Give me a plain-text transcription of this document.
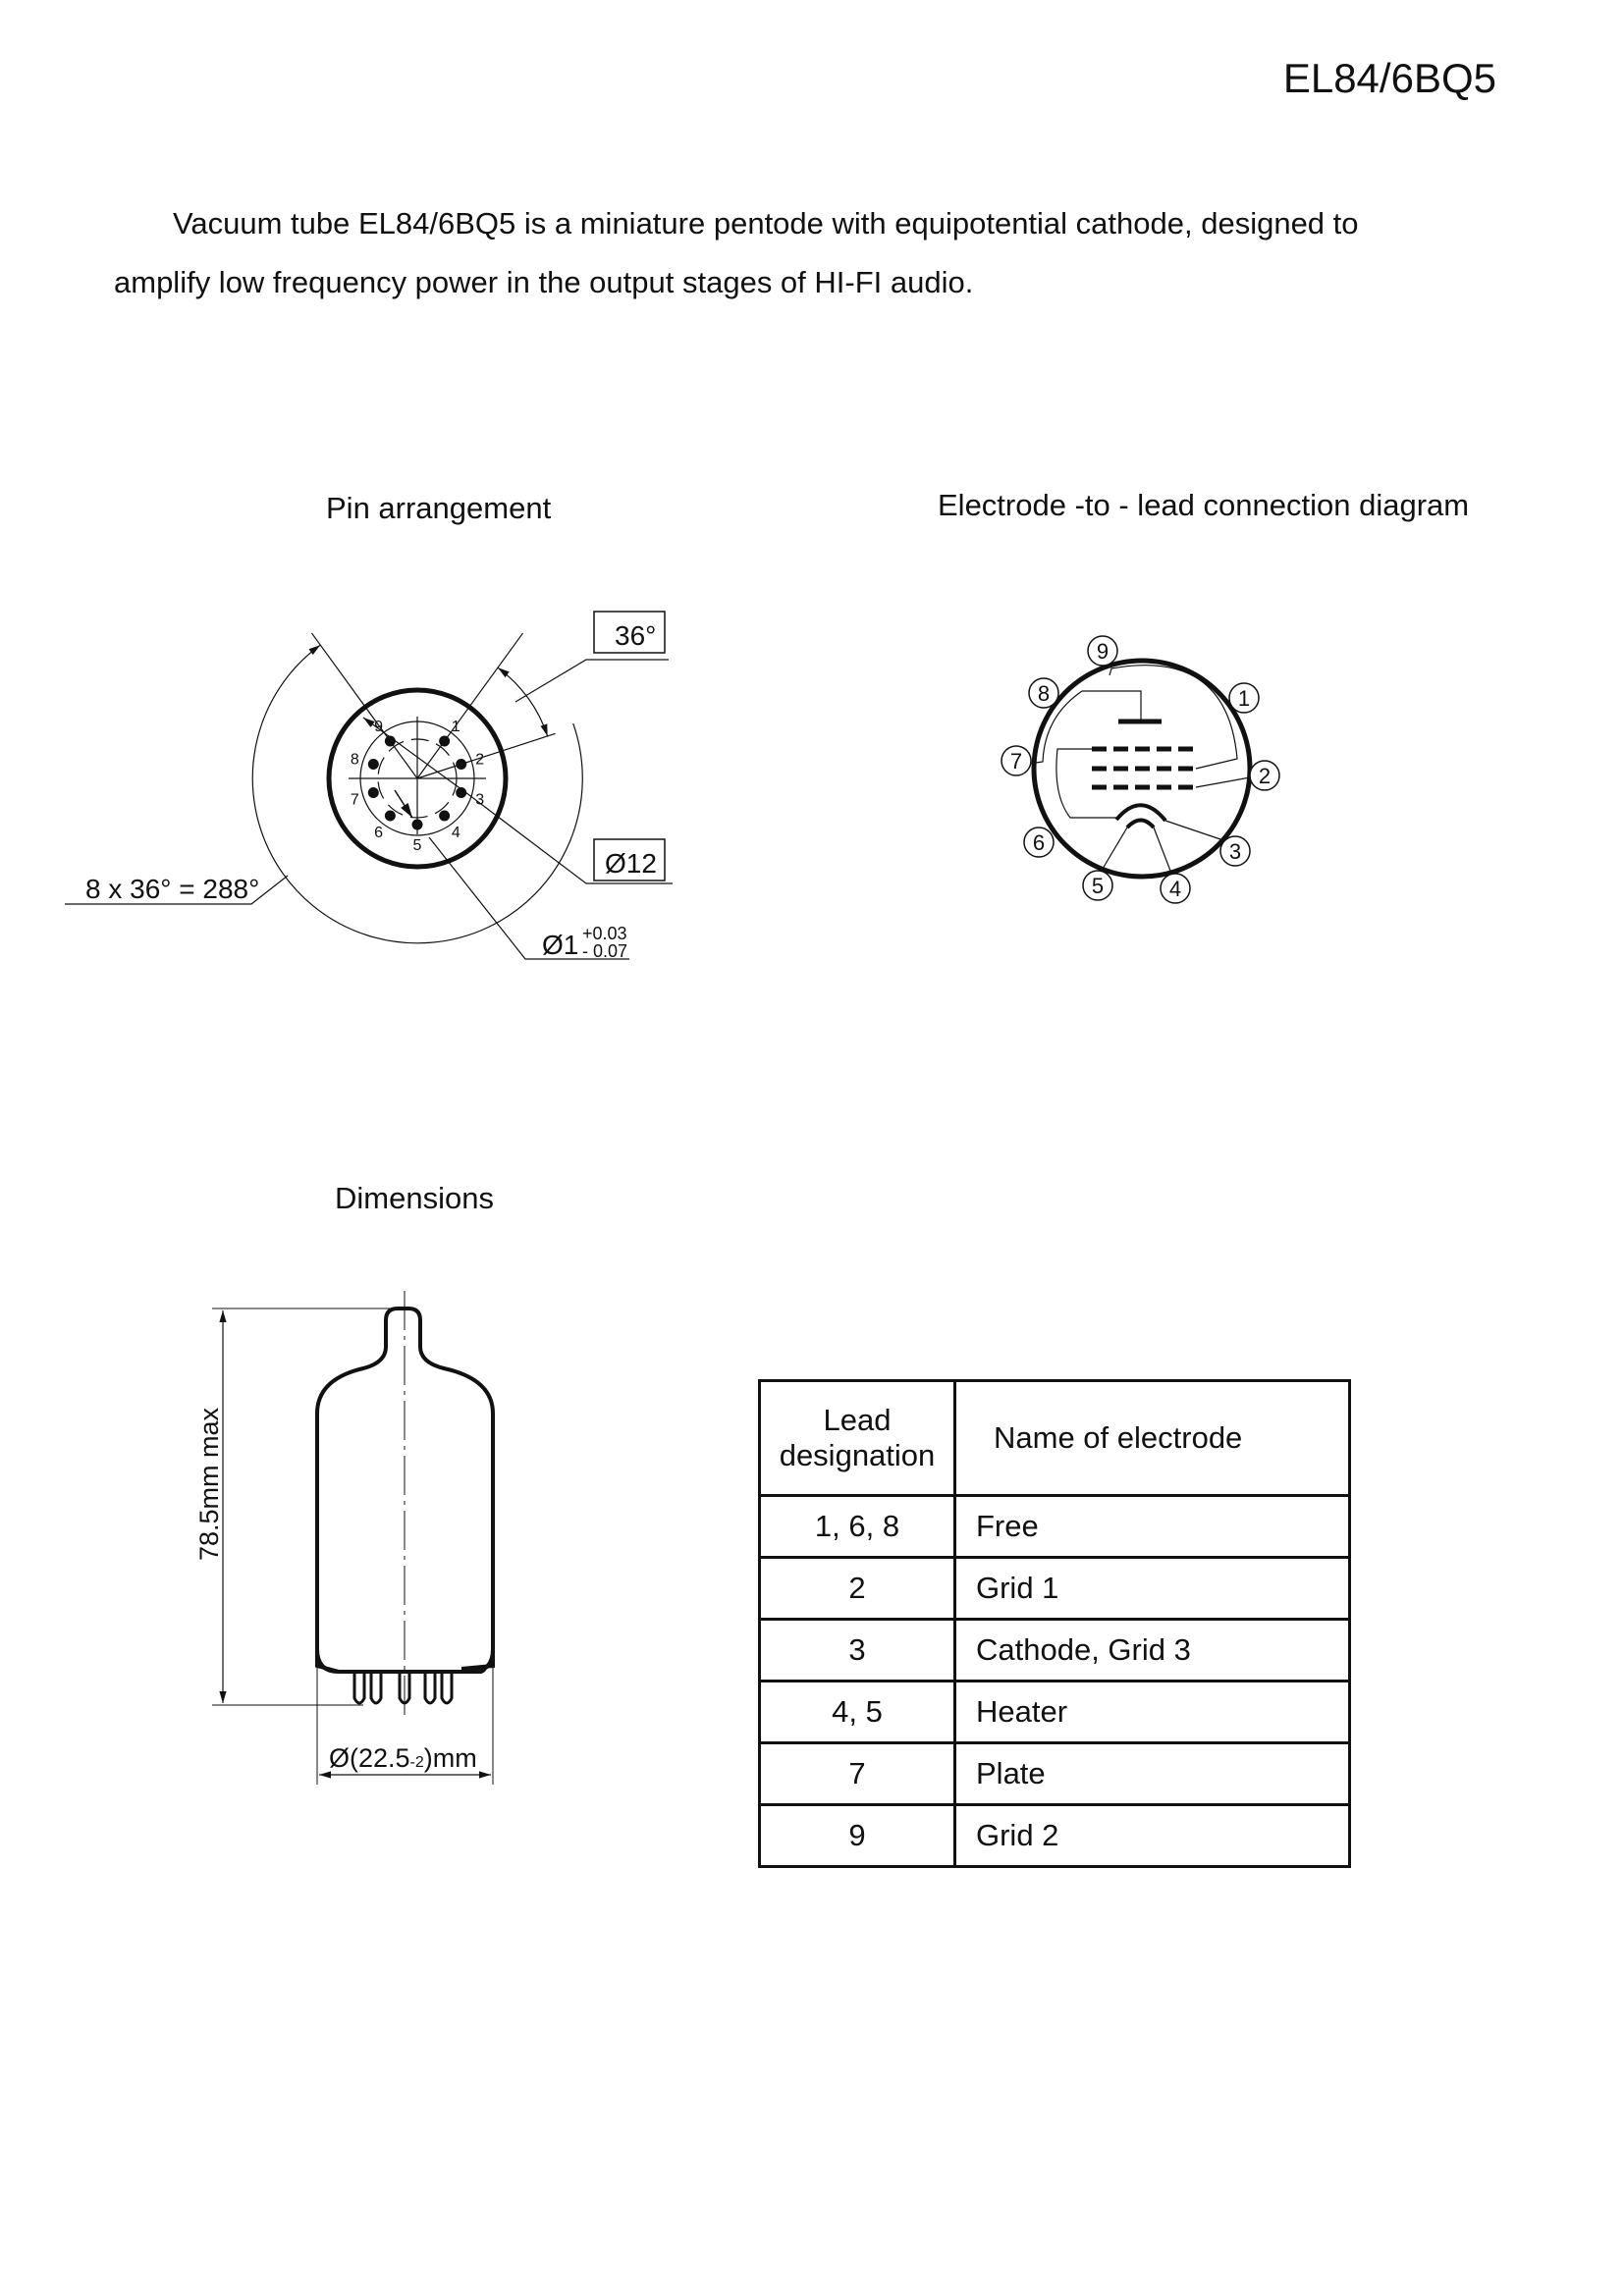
EL84/6BQ5
Vacuum tube EL84/6BQ5 is a miniature pentode with equipotential cathode, designed to
amplify low frequency power in the output stages of HI-FI audio.
Pin arrangement	Electrode -to - lead connection diagram
Dimensions
1
2
3
4
5
6
7
8
9
36°
Ø12
8 x 36° = 288°
Ø1 +0.03
- 0.07
1
2
3
4
5
6
7
8
9
78.5mm max
Ø(22.5-2)mm
Lead
designation	Name of electrode
1, 6, 8	Free
2	Grid 1
3	Cathode, Grid 3
4, 5	Heater
7	Plate
9	Grid 2
